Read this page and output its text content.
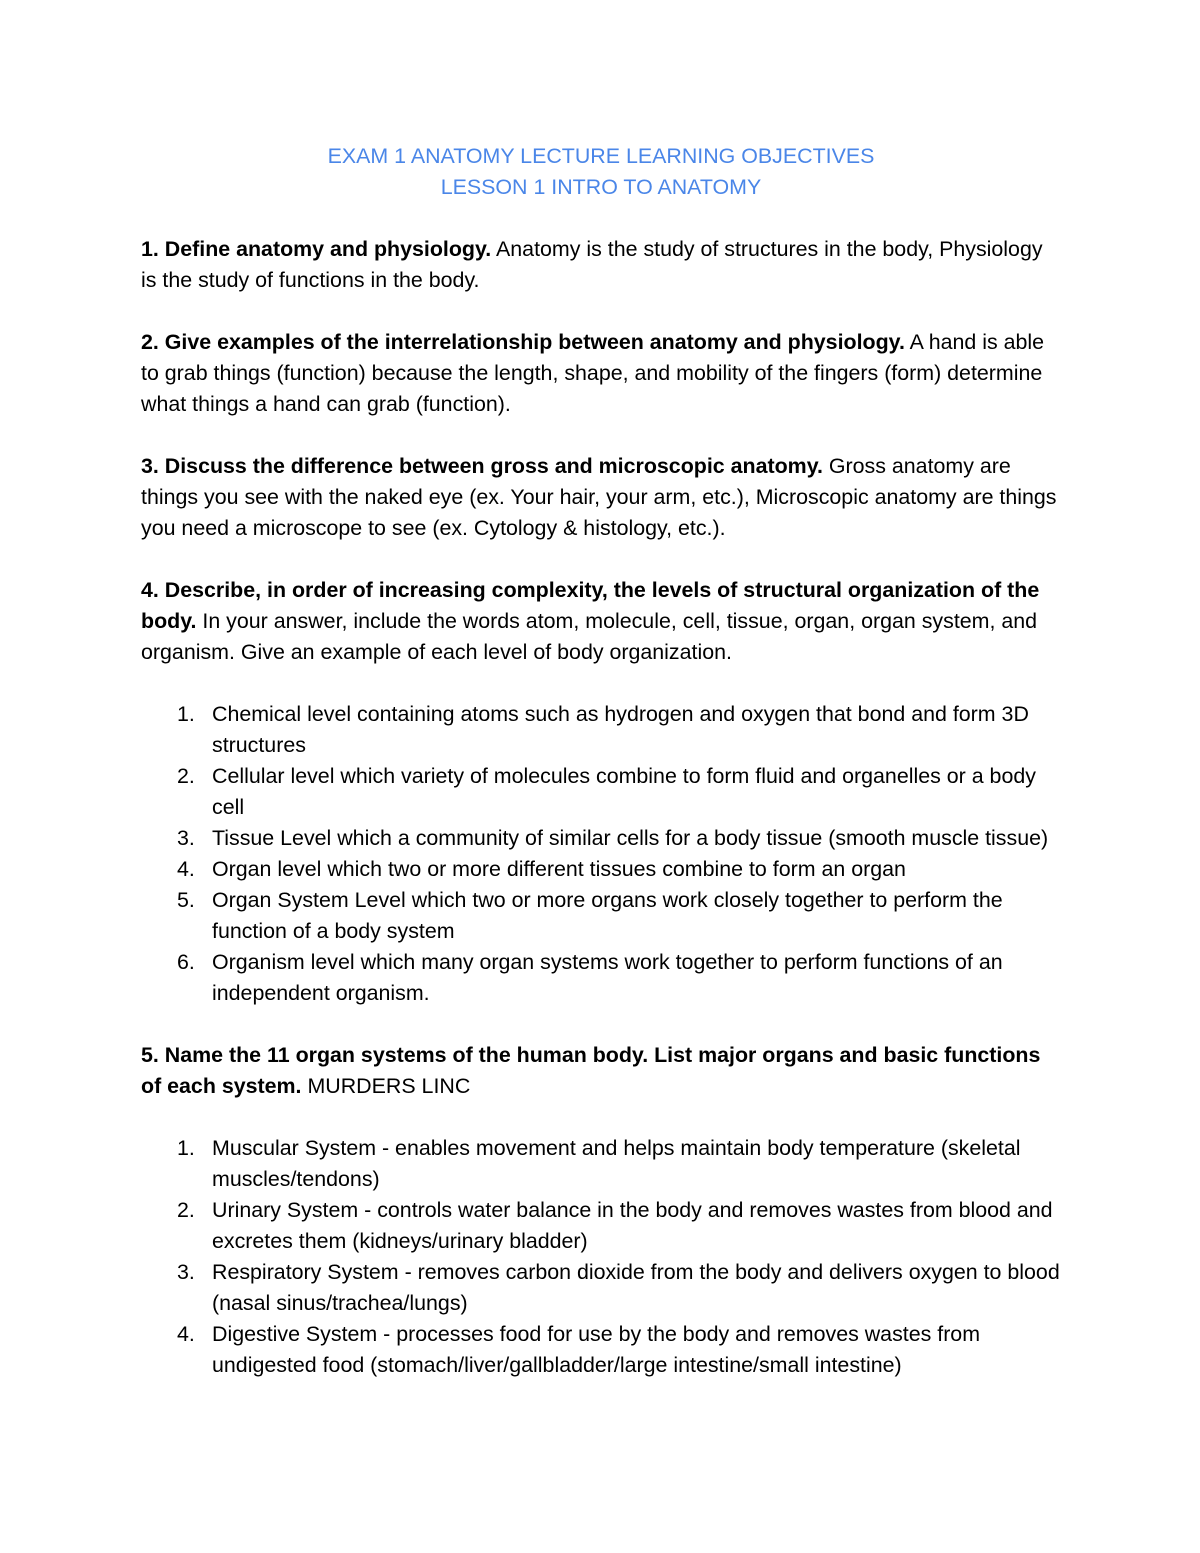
EXAM 1 ANATOMY LECTURE LEARNING OBJECTIVES

LESSON 1 INTRO TO ANATOMY

1. Define anatomy and physiology. Anatomy is the study of structures in the body, Physiology is the study of functions in the body.

2. Give examples of the interrelationship between anatomy and physiology. A hand is able to grab things (function) because the length, shape, and mobility of the fingers (form) determine what things a hand can grab (function).

3. Discuss the difference between gross and microscopic anatomy. Gross anatomy are things you see with the naked eye (ex. Your hair, your arm, etc.), Microscopic anatomy are things you need a microscope to see (ex. Cytology & histology, etc.).

4. Describe, in order of increasing complexity, the levels of structural organization of the body. In your answer, include the words atom, molecule, cell, tissue, organ, organ system, and organism. Give an example of each level of body organization.

1. Chemical level containing atoms such as hydrogen and oxygen that bond and form 3D structures
2. Cellular level which variety of molecules combine to form fluid and organelles or a body cell
3. Tissue Level which a community of similar cells for a body tissue (smooth muscle tissue)
4. Organ level which two or more different tissues combine to form an organ
5. Organ System Level which two or more organs work closely together to perform the function of a body system
6. Organism level which many organ systems work together to perform functions of an independent organism.

5. Name the 11 organ systems of the human body. List major organs and basic functions of each system. MURDERS LINC

1. Muscular System - enables movement and helps maintain body temperature (skeletal muscles/tendons)
2. Urinary System - controls water balance in the body and removes wastes from blood and excretes them (kidneys/urinary bladder)
3. Respiratory System - removes carbon dioxide from the body and delivers oxygen to blood (nasal sinus/trachea/lungs)
4. Digestive System - processes food for use by the body and removes wastes from undigested food (stomach/liver/gallbladder/large intestine/small intestine)
